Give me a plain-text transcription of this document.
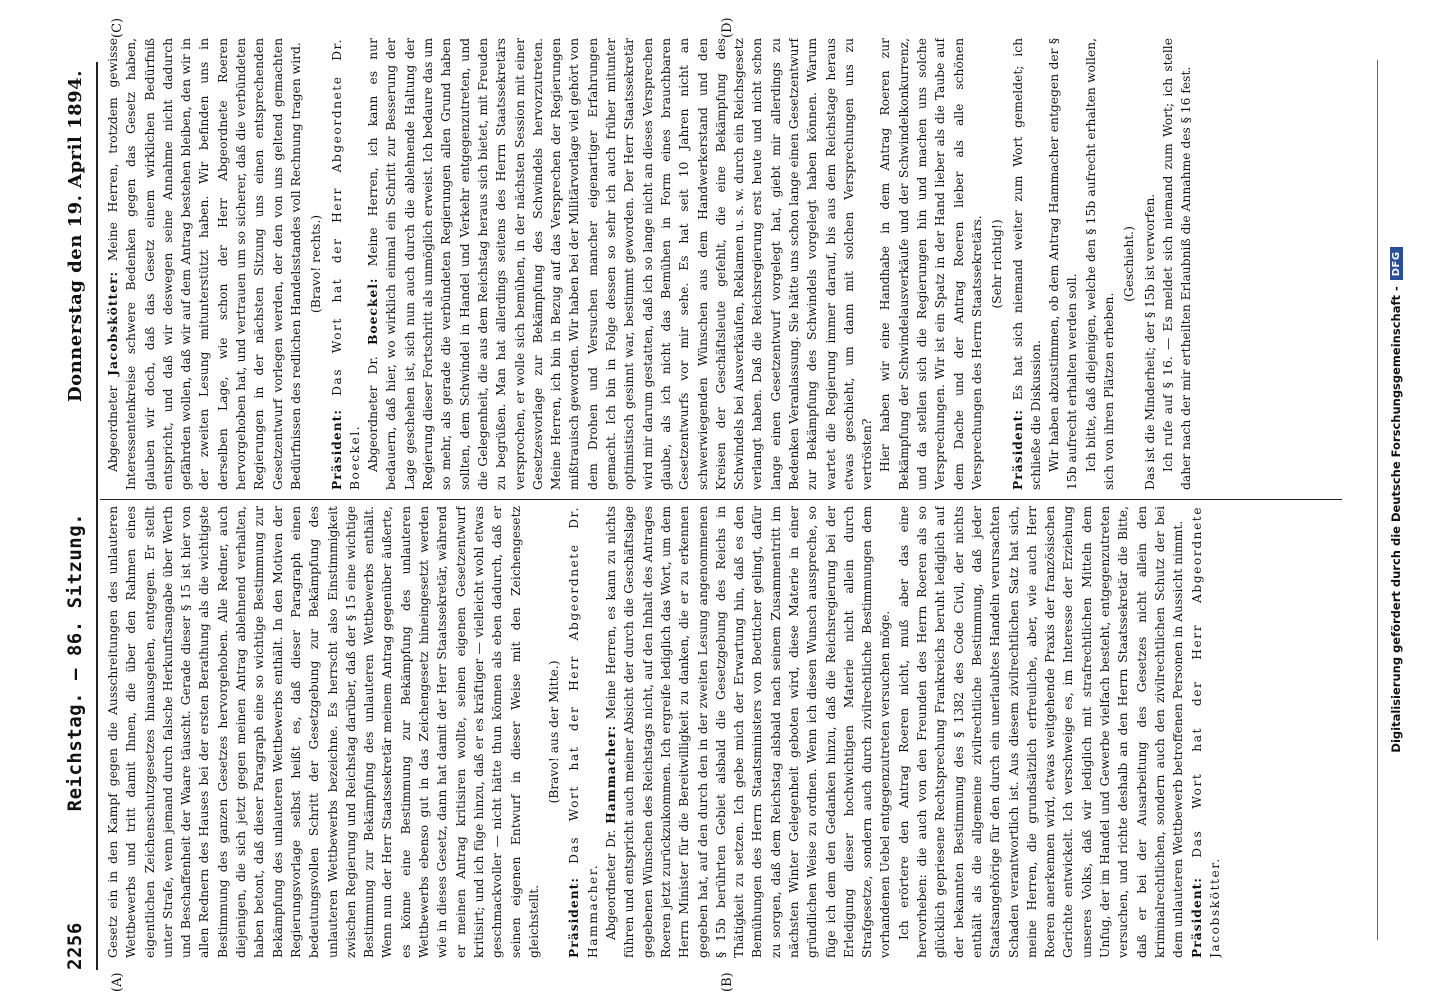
2256
Reichstag. — 86. Sitzung.
Donnerstag den 19. April 1894.
(A)	(B)
(C)	(D)

Gesetz ein in den Kampf gegen die Ausschreitungen des unlauteren Wettbewerbs und tritt damit Ihnen, die über den Rahmen eines eigentlichen Zeichenschutzgesetzes hinausgehen, entgegen. Er stellt unter Strafe, wenn jemand durch falsche Herkunftsangabe über Werth und Beschaffenheit der Waare täuscht. Gerade dieser § 15 ist hier von allen Rednern des Hauses bei der ersten Berathung als die wichtigste Bestimmung des ganzen Gesetzes hervorgehoben. Alle Redner, auch diejenigen, die sich jetzt gegen meinen Antrag ablehnend verhalten, haben betont, daß dieser Paragraph eine so wichtige Bestimmung zur Bekämpfung des unlauteren Wettbewerbs enthält. In den Motiven der Regierungsvorlage selbst heißt es, daß dieser Paragraph einen bedeutungsvollen Schritt der Gesetzgebung zur Bekämpfung des unlauteren Wettbewerbs bezeichne. Es herrscht also Einstimmigkeit zwischen Regierung und Reichstag darüber, daß der § 15 eine wichtige Bestimmung zur Bekämpfung des unlauteren Wettbewerbs enthält. Wenn nun der Herr Staatssekretär meinem Antrag gegenüber äußerte, es könne eine Bestimmung zur Bekämpfung des unlauteren Wettbewerbs ebenso gut in das Zeichengesetz hineingesetzt werden wie in dieses Gesetz, dann hat damit der Herr Staatssekretär, während er meinen Antrag kritisiren wollte, seinen eigenen Gesetzentwurf kritisirt; und ich füge hinzu, daß er es kräftiger — vielleicht wohl etwas geschmackvoller — nicht hätte thun können als eben dadurch, daß er seinen eigenen Entwurf in dieser Weise mit den Zeichengesetz gleichstellt.

(Bravo! aus der Mitte.)

Präsident: Das Wort hat der Herr Abgeordnete Dr. Hammacher. Abgeordneter Dr. Hammacher: Meine Herren, es kann zu nichts führen und entspricht auch meiner Absicht der durch die Geschäftslage gegebenen Wünschen des Reichstags nicht, auf den Inhalt des Antrages Roeren jetzt zurückzukommen. Ich ergreife lediglich das Wort, um dem Herrn Minister für die Bereitwilligkeit zu danken, die er zu erkennen gegeben hat, auf den durch den in der zweiten Lesung angenommenen § 15b berührten Gebiet alsbald die Gesetzgebung des Reichs in Thätigkeit zu setzen. Ich gebe mich der Erwartung hin, daß es den Bemühungen des Herrn Staatsministers von Boetticher gelingt, dafür zu sorgen, daß dem Reichstag alsbald nach seinem Zusammentritt im nächsten Winter Gelegenheit geboten wird, diese Materie in einer gründlichen Weise zu ordnen. Wenn ich diesen Wunsch ausspreche, so füge ich dem den Gedanken hinzu, daß die Reichsregierung bei der Erledigung dieser hochwichtigen Materie nicht allein durch Strafgesetze, sondern auch durch zivilrechtliche Bestimmungen dem vorhandenen Uebel entgegenzutreten versuchen möge. Ich erörtere den Antrag Roeren nicht, muß aber das eine hervorheben: die auch von den Freunden des Herrn Roeren als so glücklich gepriesene Rechtsprechung Frankreichs beruht lediglich auf der bekannten Bestimmung des § 1382 des Code Civil, der nichts enthält als die allgemeine zivilrechtliche Bestimmung, daß jeder Staatsangehörige für den durch ein unerlaubtes Handeln verursachten Schaden verantwortlich ist. Aus diesem zivilrechtlichen Satz hat sich, meine Herren, die grundsätzlich erfreuliche, aber, wie auch Herr Roeren anerkennen wird, etwas weitgehende Praxis der französischen Gerichte entwickelt. Ich verschweige es, im Interesse der Erziehung unseres Volks, daß wir lediglich mit strafrechtlichen Mitteln dem Unfug, der im Handel und Gewerbe vielfach besteht, entgegenzutreten versuchen, und richte deshalb an den Herrn Staatssekretär die Bitte, daß er bei der Ausarbeitung des Gesetzes nicht allein den kriminalrechtlichen, sondern auch den zivilrechtlichen Schutz der bei dem unlauteren Wettbewerb betroffenen Personen in Aussicht nimmt. Präsident: Das Wort hat der Herr Abgeordnete Jacobskötter.

Abgeordneter Jacobskötter: Meine Herren, trotzdem gewisse Interessentenkreise schwere Bedenken gegen das Gesetz haben, glauben wir doch, daß das Gesetz einem wirklichen Bedürfniß entspricht, und daß wir deswegen seine Annahme nicht dadurch gefährden wollen, daß wir auf dem Antrag bestehen bleiben, den wir in der zweiten Lesung mitunterstützt haben. Wir befinden uns in derselben Lage, wie schon der Herr Abgeordnete Roeren hervorgehoben hat, und vertrauen um so sicherer, daß die verbündeten Regierungen in der nächsten Sitzung uns einen entsprechenden Gesetzentwurf vorlegen werden, der den von uns geltend gemachten Bedürfnissen des redlichen Handelsstandes voll Rechnung tragen wird. (Bravo! rechts.)

Präsident: Das Wort hat der Herr Abgeordnete Dr. Boeckel. Abgeordneter Dr. Boeckel: Meine Herren, ich kann es nur bedauern, daß hier, wo wirklich einmal ein Schritt zur Besserung der Lage geschehen ist, sich nun auch durch die ablehnende Haltung der Regierung dieser Fortschritt als unmöglich erweist. Ich bedaure das um so mehr, als gerade die verbündeten Regierungen allen Grund haben sollten, dem Schwindel in Handel und Verkehr entgegenzutreten, und die Gelegenheit, die aus dem Reichstag heraus sich bietet, mit Freuden zu begrüßen. Man hat allerdings seitens des Herrn Staatssekretärs versprochen, er wolle sich bemühen, in der nächsten Session mit einer Gesetzesvorlage zur Bekämpfung des Schwindels hervorzutreten. Meine Herren, ich bin in Bezug auf das Versprechen der Regierungen mißtrauisch geworden. Wir haben bei der Militärvorlage viel gehört von dem Drohen und Versuchen mancher eigenartiger Erfahrungen gemacht. Ich bin in Folge dessen so sehr ich auch früher mitunter optimistisch gesinnt war, bestimmt geworden. Der Herr Staatssekretär wird mir darum gestatten, daß ich so lange nicht an dieses Versprechen glaube, als ich nicht das Bemühen in Form eines brauchbaren Gesetzentwurfs vor mir sehe. Es hat seit 10 Jahren nicht an schwerwiegenden Wünschen aus dem Handwerkerstand und den Kreisen der Geschäftsleute gefehlt, die eine Bekämpfung des Schwindels bei Ausverkäufen, Reklamen u. s. w. durch ein Reichsgesetz verlangt haben. Daß die Reichsregierung erst heute und nicht schon lange einen Gesetzentwurf vorgelegt hat, giebt mir allerdings zu Bedenken Veranlassung. Sie hätte uns schon lange einen Gesetzentwurf zur Bekämpfung des Schwindels vorgelegt haben können. Warum wartet die Regierung immer darauf, bis aus dem Reichstage heraus etwas geschieht, um dann mit solchen Versprechungen uns zu vertrösten? Hier haben wir eine Handhabe in dem Antrag Roeren zur Bekämpfung der Schwindelausverkäufe und der Schwindelkonkurrenz, und da stellen sich die Regierungen hin und machen uns solche Versprechungen. Wir ist ein Spatz in der Hand lieber als die Taube auf dem Dache und der Antrag Roeren lieber als alle schönen Versprechungen des Herrn Staatssekretärs. (Sehr richtig!)

Präsident: Es hat sich niemand weiter zum Wort gemeldet; ich schließe die Diskussion. Wir haben abzustimmen, ob dem Antrag Hammacher entgegen der § 15b aufrecht erhalten werden soll. Ich bitte, daß diejenigen, welche den § 15b aufrecht erhalten wollen, sich von ihren Plätzen erheben.

(Geschieht.) Das ist die Minderheit; der § 15b ist verworfen. Ich rufe auf § 16. — Es meldet sich niemand zum Wort; ich stelle daher nach der mir ertheilten Erlaubniß die Annahme des § 16 fest.

Digitalisierung gefördert durch die Deutsche Forschungsgemeinschaft -
DFG
